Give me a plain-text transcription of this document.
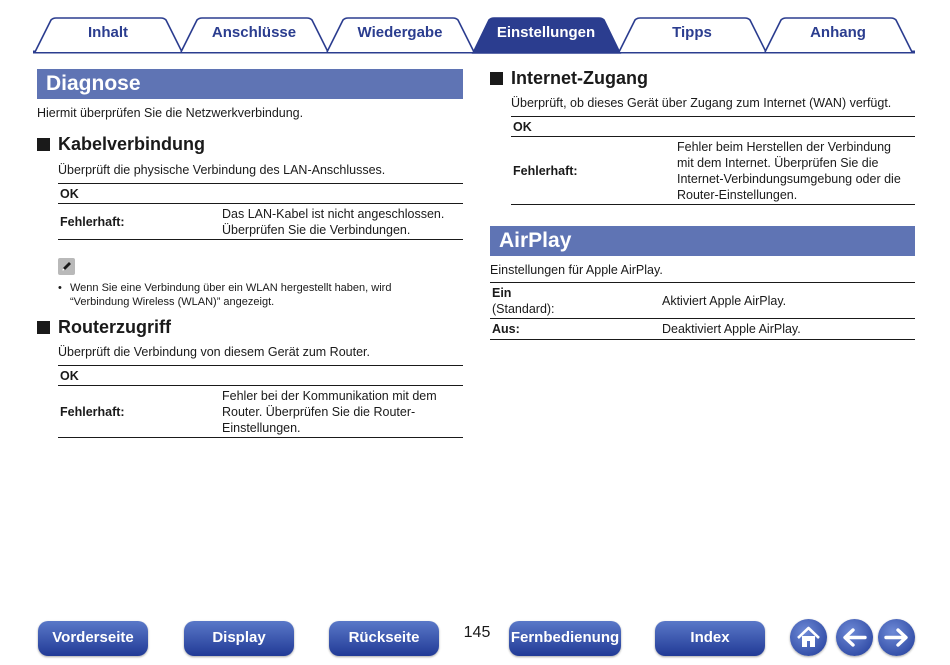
Inhalt	Anschlüsse	Wiedergabe	Einstellungen	Tipps	Anhang
Diagnose
Hiermit überprüfen Sie die Netzwerkverbindung.
Kabelverbindung
Überprüft die physische Verbindung des LAN-Anschlusses.
OK
Fehlerhaft:	
Das LAN-Kabel ist nicht angeschlossen.
Überprüfen Sie die Verbindungen.
• Wenn Sie eine Verbindung über ein WLAN hergestellt haben, wird
“Verbindung Wireless (WLAN)” angezeigt.
Routerzugriff
Überprüft die Verbindung von diesem Gerät zum Router.
OK
Fehlerhaft:	
Fehler bei der Kommunikation mit dem
Router. Überprüfen Sie die Router-
Einstellungen.
Internet-Zugang
Überprüft, ob dieses Gerät über Zugang zum Internet (WAN) verfügt.
OK
Fehlerhaft:	
Fehler beim Herstellen der Verbindung
mit dem Internet. Überprüfen Sie die
Internet-Verbindungsumgebung oder die
Router-Einstellungen.
AirPlay
Einstellungen für Apple AirPlay.
Ein
(Standard):	Aktiviert Apple AirPlay.
Aus:	Deaktiviert Apple AirPlay.
Vorderseite	Display	Rückseite	145	Fernbedienung	Index
